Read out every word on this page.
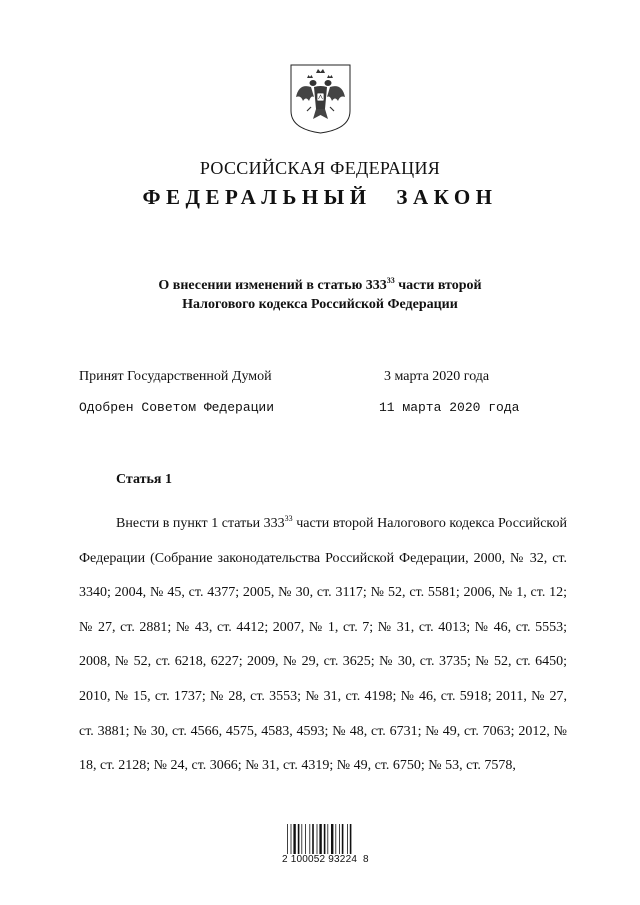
РОССИЙСКАЯ ФЕДЕРАЦИЯ
ФЕДЕРАЛЬНЫЙ ЗАКОН
О внесении изменений в статью $333^{33}$ части второй
Налогового кодекса Российской Федерации
Принят Государственной Думой	3 марта 2020 года
Одобрен Советом Федерации	11 марта 2020 года
Статья 1

Внести в пункт 1 статьи $333^{33}$ части второй Налогового кодекса Российской Федерации (Собрание законодательства Российской Федерации, 2000, № 32, ст. 3340; 2004, № 45, ст. 4377; 2005, № 30, ст. 3117; № 52, ст. 5581; 2006, № 1, ст. 12; № 27, ст. 2881; № 43, ст. 4412; 2007, № 1, ст. 7; № 31, ст. 4013; № 46, ст. 5553; 2008, № 52, ст. 6218, 6227; 2009, № 29, ст. 3625; № 30, ст. 3735; № 52, ст. 6450; 2010, № 15, ст. 1737; № 28, ст. 3553; № 31, ст. 4198; № 46, ст. 5918; 2011, № 27, ст. 3881; № 30, ст. 4566, 4575, 4583, 4593; № 48, ст. 6731; № 49, ст. 7063; 2012, № 18, ст. 2128; № 24, ст. 3066; № 31, ст. 4319; № 49, ст. 6750; № 53, ст. 7578,

2 100052 93224  8
